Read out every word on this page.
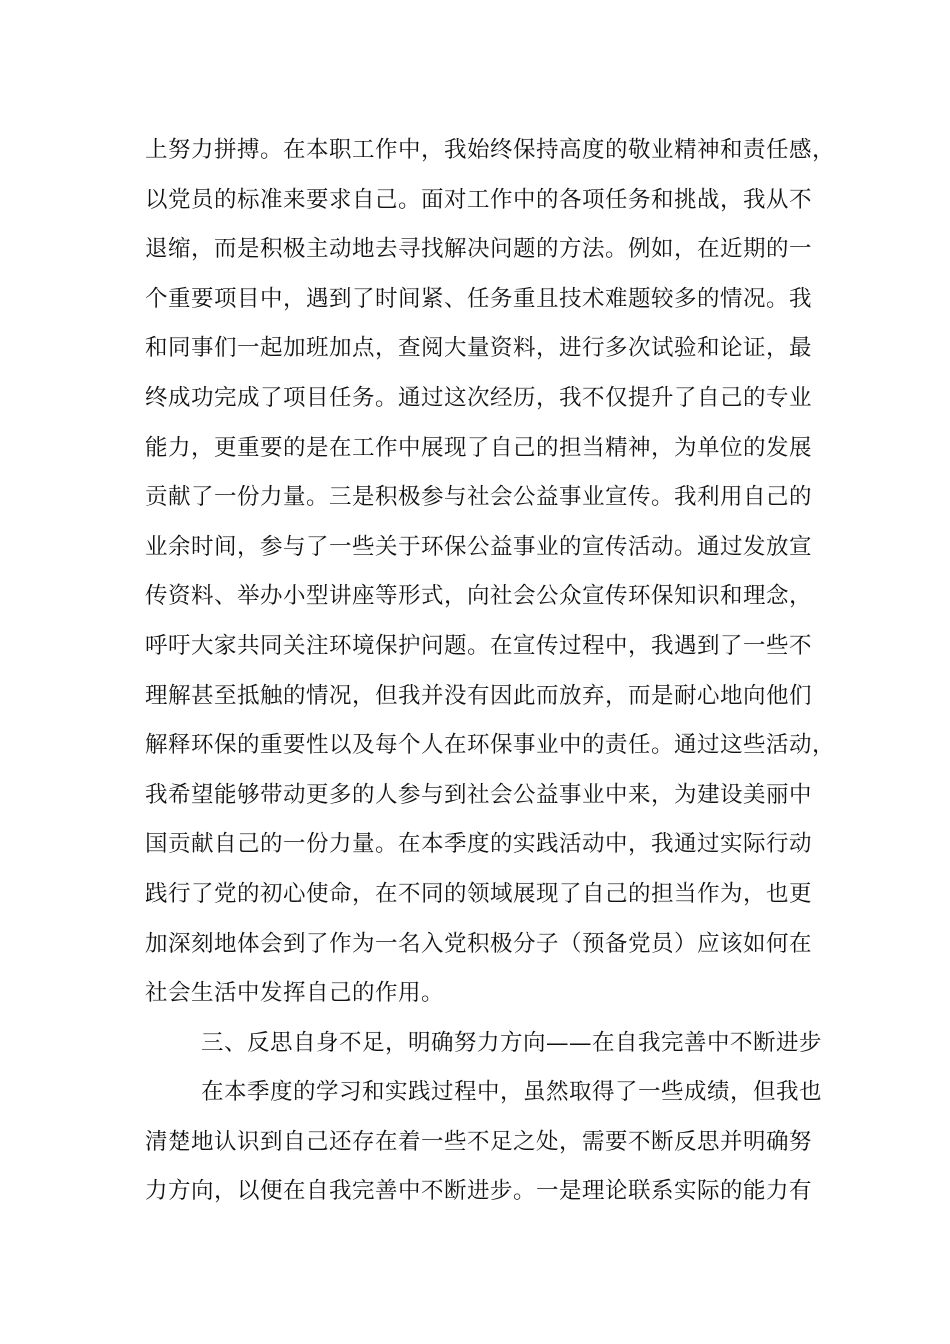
上努力拼搏。在本职工作中，我始终保持高度的敬业精神和责任感，
以党员的标准来要求自己。面对工作中的各项任务和挑战，我从不
退缩，而是积极主动地去寻找解决问题的方法。例如，在近期的一
个重要项目中，遇到了时间紧、任务重且技术难题较多的情况。我
和同事们一起加班加点，查阅大量资料，进行多次试验和论证，最
终成功完成了项目任务。通过这次经历，我不仅提升了自己的专业
能力，更重要的是在工作中展现了自己的担当精神，为单位的发展
贡献了一份力量。三是积极参与社会公益事业宣传。我利用自己的
业余时间，参与了一些关于环保公益事业的宣传活动。通过发放宣
传资料、举办小型讲座等形式，向社会公众宣传环保知识和理念，
呼吁大家共同关注环境保护问题。在宣传过程中，我遇到了一些不
理解甚至抵触的情况，但我并没有因此而放弃，而是耐心地向他们
解释环保的重要性以及每个人在环保事业中的责任。通过这些活动，
我希望能够带动更多的人参与到社会公益事业中来，为建设美丽中
国贡献自己的一份力量。在本季度的实践活动中，我通过实际行动
践行了党的初心使命，在不同的领域展现了自己的担当作为，也更
加深刻地体会到了作为一名入党积极分子（预备党员）应该如何在
社会生活中发挥自己的作用。
三、反思自身不足，明确努力方向——在自我完善中不断进步
在本季度的学习和实践过程中，虽然取得了一些成绩，但我也
清楚地认识到自己还存在着一些不足之处，需要不断反思并明确努
力方向，以便在自我完善中不断进步。一是理论联系实际的能力有
